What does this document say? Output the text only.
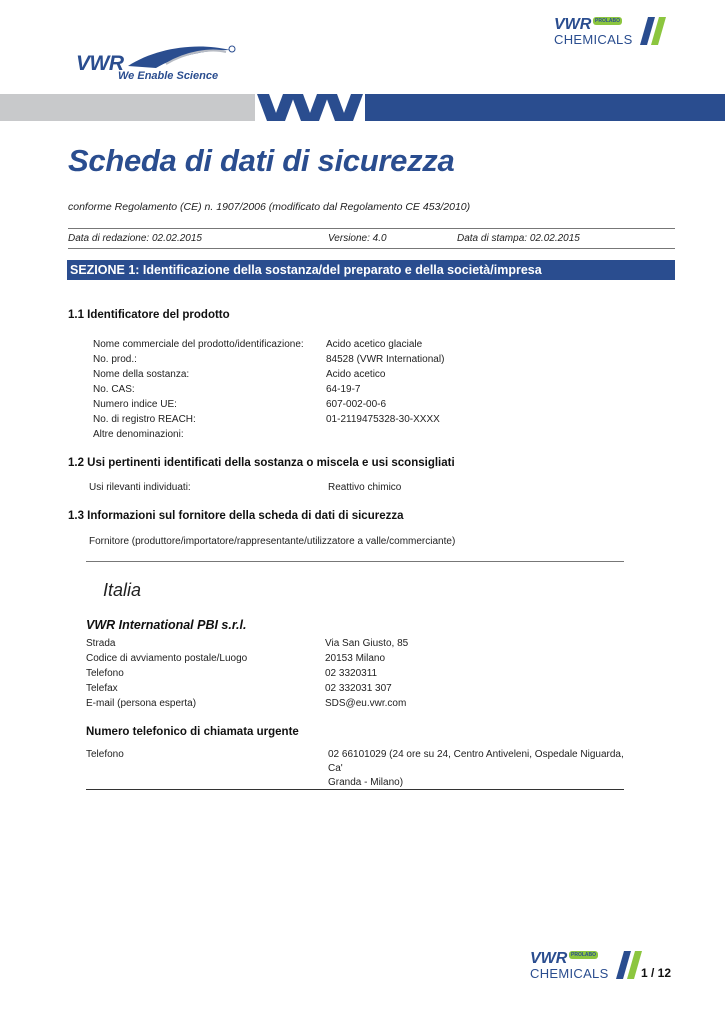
VWR PROLABO
CHEMICALS
VWR
We Enable Science
Scheda di dati di sicurezza
conforme Regolamento (CE) n. 1907/2006 (modificato dal Regolamento CE 453/2010)
Data di redazione: 02.02.2015	Versione: 4.0	Data di stampa: 02.02.2015
SEZIONE 1: Identificazione della sostanza/del preparato e della società/impresa
1.1 Identificatore del prodotto
Nome commerciale del prodotto/identificazione: Acido acetico glaciale
No. prod.:	84528 (VWR International)
Nome della sostanza:	Acido acetico
No. CAS:	64-19-7
Numero indice UE:	607-002-00-6
No. di registro REACH:	01-2119475328-30-XXXX
Altre denominazioni:
1.2 Usi pertinenti identificati della sostanza o miscela e usi sconsigliati
Usi rilevanti individuati:	Reattivo chimico
1.3 Informazioni sul fornitore della scheda di dati di sicurezza
Fornitore (produttore/importatore/rappresentante/utilizzatore a valle/commerciante)
Italia
VWR International PBI s.r.l.
Strada	Via San Giusto, 85
Codice di avviamento postale/Luogo	20153 Milano
Telefono	02 3320311
Telefax	02 332031 307
E-mail (persona esperta)	SDS@eu.vwr.com
Numero telefonico di chiamata urgente
Telefono	02 66101029 (24 ore su 24, Centro Antiveleni, Ospedale Niguarda, Ca'
Granda - Milano)
VWR PROLABO
CHEMICALS	1 / 12
